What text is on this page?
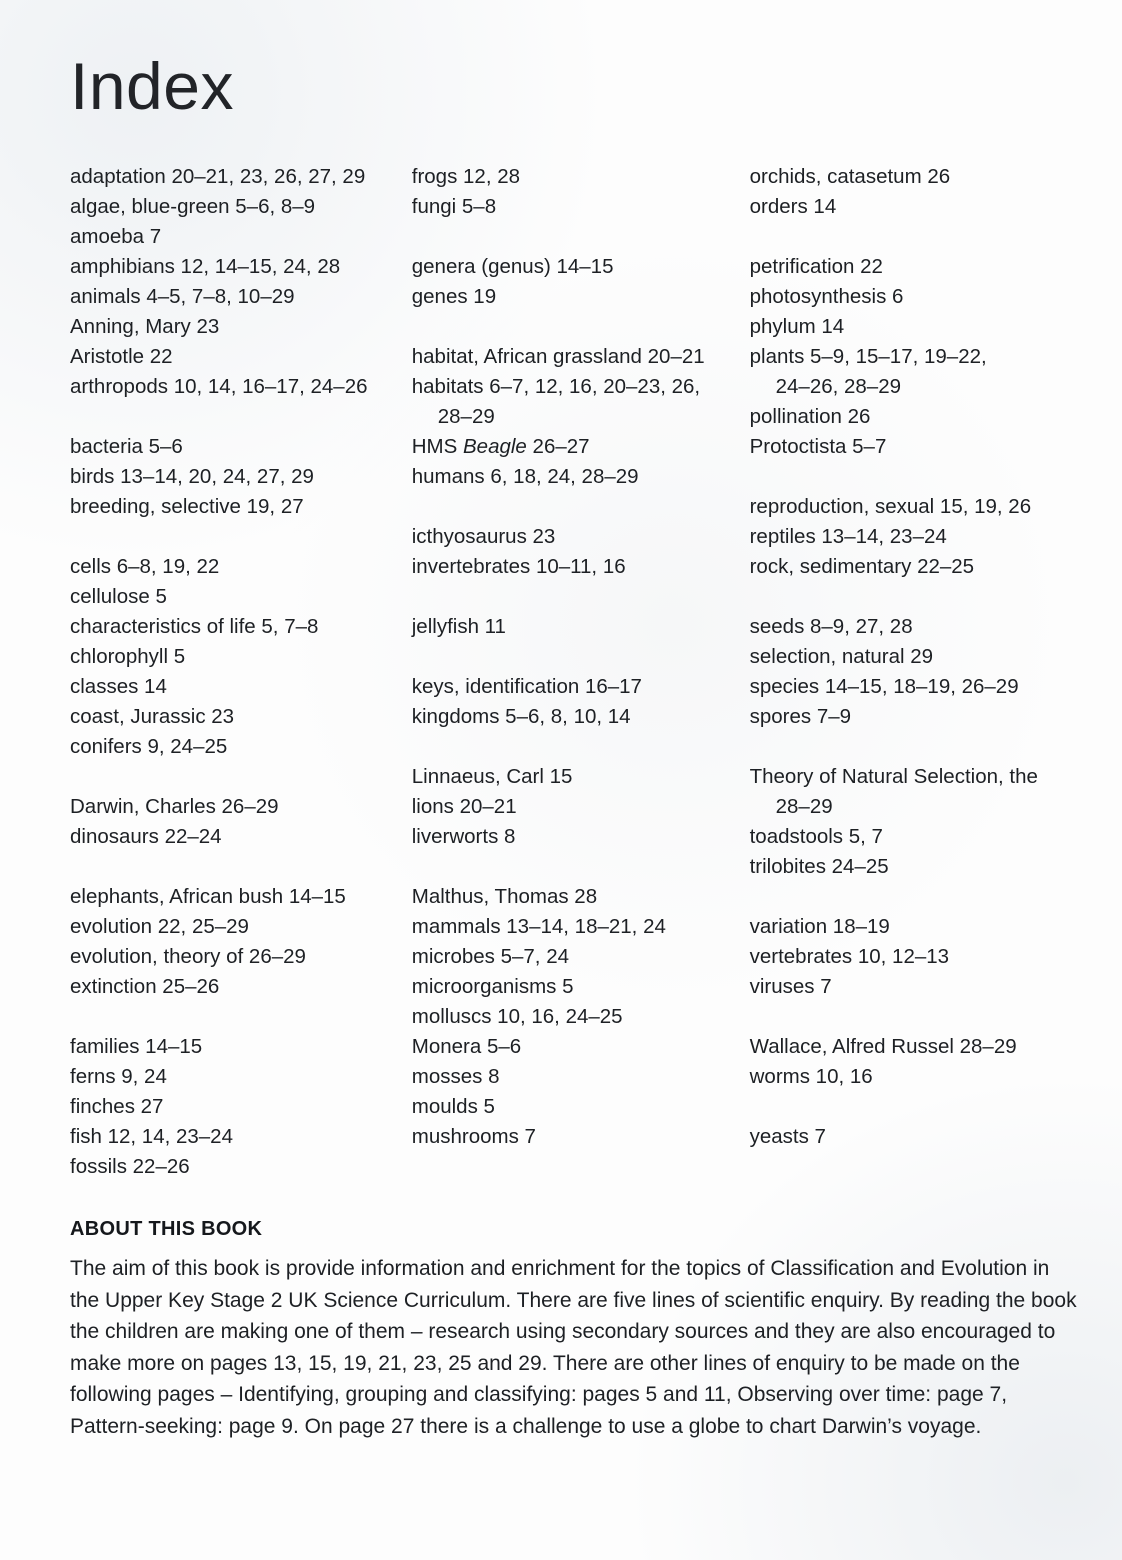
Index
adaptation 20–21, 23, 26, 27, 29
algae, blue-green 5–6, 8–9
amoeba 7
amphibians 12, 14–15, 24, 28
animals 4–5, 7–8, 10–29
Anning, Mary 23
Aristotle 22
arthropods 10, 14, 16–17, 24–26
bacteria 5–6
birds 13–14, 20, 24, 27, 29
breeding, selective 19, 27
cells 6–8, 19, 22
cellulose 5
characteristics of life 5, 7–8
chlorophyll 5
classes 14
coast, Jurassic 23
conifers 9, 24–25
Darwin, Charles 26–29
dinosaurs 22–24
elephants, African bush 14–15
evolution 22, 25–29
evolution, theory of 26–29
extinction 25–26
families 14–15
ferns 9, 24
finches 27
fish 12, 14, 23–24
fossils 22–26
frogs 12, 28
fungi 5–8
genera (genus) 14–15
genes 19
habitat, African grassland 20–21
habitats 6–7, 12, 16, 20–23, 26,
28–29
HMS Beagle 26–27
humans 6, 18, 24, 28–29
icthyosaurus 23
invertebrates 10–11, 16
jellyfish 11
keys, identification 16–17
kingdoms 5–6, 8, 10, 14
Linnaeus, Carl 15
lions 20–21
liverworts 8
Malthus, Thomas 28
mammals 13–14, 18–21, 24
microbes 5–7, 24
microorganisms 5
molluscs 10, 16, 24–25
Monera 5–6
mosses 8
moulds 5
mushrooms 7
orchids, catasetum 26
orders 14
petrification 22
photosynthesis 6
phylum 14
plants 5–9, 15–17, 19–22,
24–26, 28–29
pollination 26
Protoctista 5–7
reproduction, sexual 15, 19, 26
reptiles 13–14, 23–24
rock, sedimentary 22–25
seeds 8–9, 27, 28
selection, natural 29
species 14–15, 18–19, 26–29
spores 7–9
Theory of Natural Selection, the
28–29
toadstools 5, 7
trilobites 24–25
variation 18–19
vertebrates 10, 12–13
viruses 7
Wallace, Alfred Russel 28–29
worms 10, 16
yeasts 7
ABOUT THIS BOOK
The aim of this book is provide information and enrichment for the topics of Classification and Evolution in the Upper Key Stage 2 UK Science Curriculum. There are five lines of scientific enquiry. By reading the book the children are making one of them – research using secondary sources and they are also encouraged to make more on pages 13, 15, 19, 21, 23, 25 and 29. There are other lines of enquiry to be made on the following pages – Identifying, grouping and classifying: pages 5 and 11, Observing over time: page 7, Pattern-seeking: page 9. On page 27 there is a challenge to use a globe to chart Darwin’s voyage.
